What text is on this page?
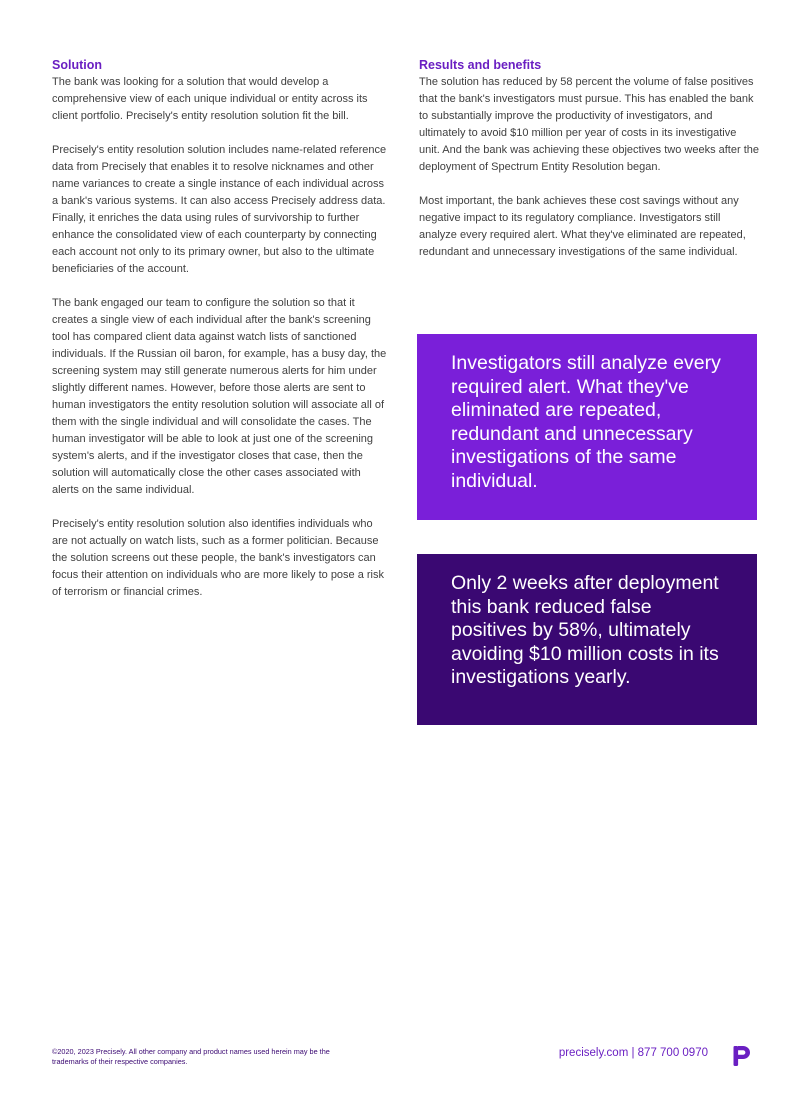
Solution

The bank was looking for a solution that would develop a comprehensive view of each unique individual or entity across its client portfolio. Precisely's entity resolution solution fit the bill.

Precisely's entity resolution solution includes name-related reference data from Precisely that enables it to resolve nicknames and other name variances to create a single instance of each individual across a bank's various systems. It can also access Precisely address data. Finally, it enriches the data using rules of survivorship to further enhance the consolidated view of each counterparty by connecting each account not only to its primary owner, but also to the ultimate beneficiaries of the account.

The bank engaged our team to configure the solution so that it creates a single view of each individual after the bank's screening tool has compared client data against watch lists of sanctioned individuals. If the Russian oil baron, for example, has a busy day, the screening system may still generate numerous alerts for him under slightly different names. However, before those alerts are sent to human investigators the entity resolution solution will associate all of them with the single individual and will consolidate the cases. The human investigator will be able to look at just one of the screening system's alerts, and if the investigator closes that case, then the solution will automatically close the other cases associated with alerts on the same individual.

Precisely's entity resolution solution also identifies individuals who are not actually on watch lists, such as a former politician. Because the solution screens out these people, the bank's investigators can focus their attention on individuals who are more likely to pose a risk of terrorism or financial crimes.

Results and benefits

The solution has reduced by 58 percent the volume of false positives that the bank's investigators must pursue. This has enabled the bank to substantially improve the productivity of investigators, and ultimately to avoid $10 million per year of costs in its investigative unit. And the bank was achieving these objectives two weeks after the deployment of Spectrum Entity Resolution began.

Most important, the bank achieves these cost savings without any negative impact to its regulatory compliance. Investigators still analyze every required alert. What they've eliminated are repeated, redundant and unnecessary investigations of the same individual.

Investigators still analyze every required alert. What they've eliminated are repeated, redundant and unnecessary investigations of the same individual.

Only 2 weeks after deployment this bank reduced false positives by 58%, ultimately avoiding $10 million costs in its investigations yearly.

©2020, 2023 Precisely. All other company and product names used herein may be the trademarks of their respective companies.
precisely.com | 877 700 0970
